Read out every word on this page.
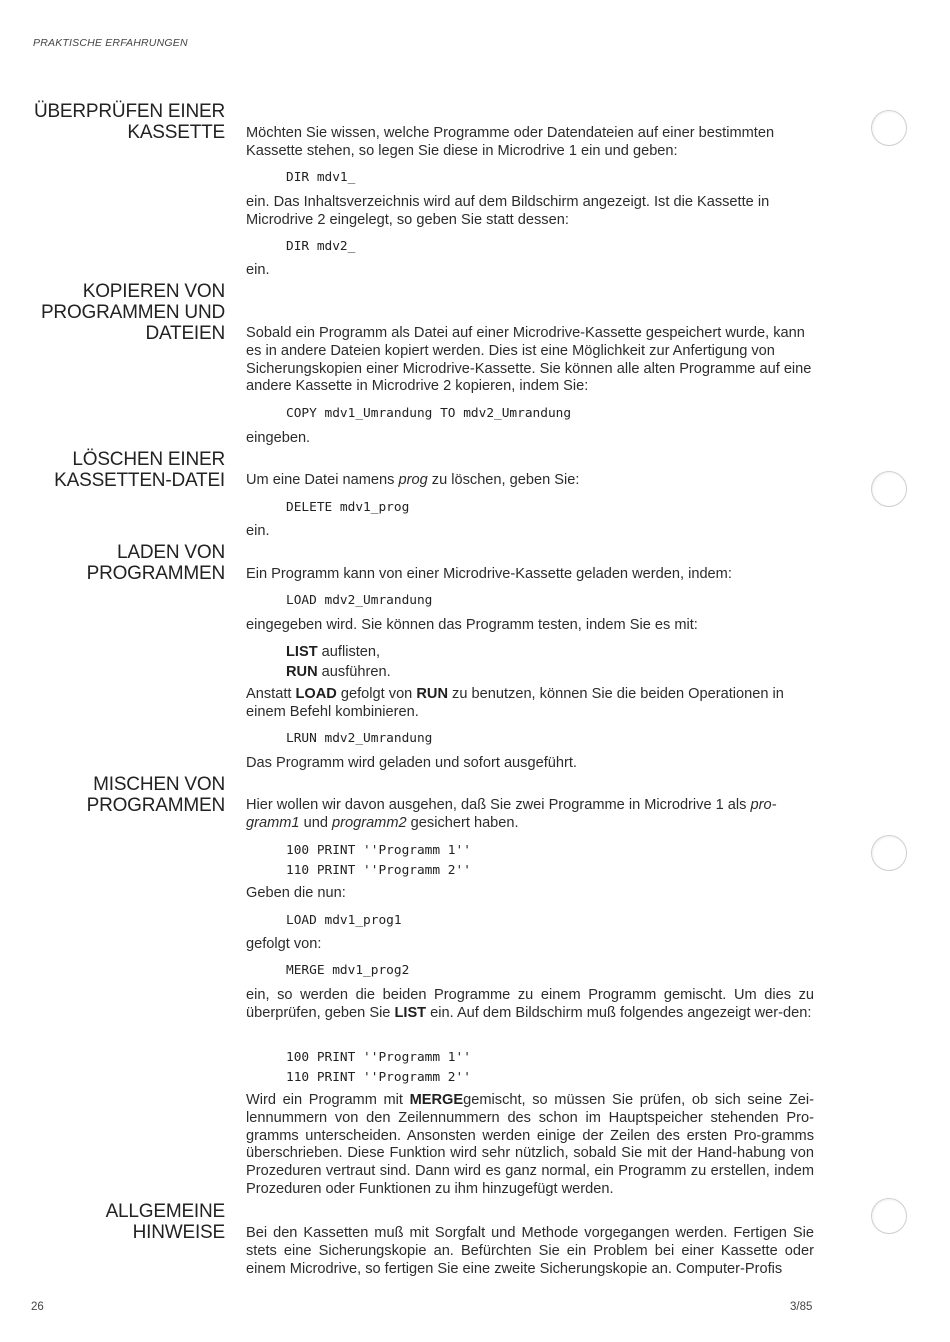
PRAKTISCHE ERFAHRUNGEN
ÜBERPRÜFEN EINER
KASSETTE Möchten Sie wissen, welche Programme oder Datendateien auf einer bestimmten Kassette stehen, so legen Sie diese in Microdrive 1 ein und geben:
DIR mdv1_
ein. Das Inhaltsverzeichnis wird auf dem Bildschirm angezeigt. Ist die Kassette in Microdrive 2 eingelegt, so geben Sie statt dessen:
DIR mdv2_
ein.
KOPIEREN VON
PROGRAMMEN UND
DATEIEN Sobald ein Programm als Datei auf einer Microdrive-Kassette gespeichert wurde, kann es in andere Dateien kopiert werden. Dies ist eine Möglichkeit zur Anfertigung von Sicherungskopien einer Microdrive-Kassette. Sie können alle alten Programme auf eine andere Kassette in Microdrive 2 kopieren, indem Sie:
COPY mdv1_Umrandung TO mdv2_Umrandung
eingeben.
LÖSCHEN EINER
KASSETTEN-DATEI Um eine Datei namens prog zu löschen, geben Sie:
DELETE mdv1_prog
ein.
LADEN VON
PROGRAMMEN Ein Programm kann von einer Microdrive-Kassette geladen werden, indem:
LOAD mdv2_Umrandung
eingegeben wird. Sie können das Programm testen, indem Sie es mit:
LIST auflisten,
RUN ausführen.
Anstatt LOAD gefolgt von RUN zu benutzen, können Sie die beiden Operationen in einem Befehl kombinieren.
LRUN mdv2_Umrandung
Das Programm wird geladen und sofort ausgeführt.
MISCHEN VON
PROGRAMMEN Hier wollen wir davon ausgehen, daß Sie zwei Programme in Microdrive 1 als pro-gramm1 und programm2 gesichert haben.
100 PRINT ''Programm 1''
110 PRINT ''Programm 2''
Geben die nun:
LOAD mdv1_prog1
gefolgt von:
MERGE mdv1_prog2
ein, so werden die beiden Programme zu einem Programm gemischt. Um dies zu überprüfen, geben Sie LIST ein. Auf dem Bildschirm muß folgendes angezeigt wer-den:
100 PRINT ''Programm 1''
110 PRINT ''Programm 2''
Wird ein Programm mit MERGEgemischt, so müssen Sie prüfen, ob sich seine Zei-lennummern von den Zeilennummern des schon im Hauptspeicher stehenden Pro-gramms unterscheiden. Ansonsten werden einige der Zeilen des ersten Pro-gramms überschrieben. Diese Funktion wird sehr nützlich, sobald Sie mit der Hand-habung von Prozeduren vertraut sind. Dann wird es ganz normal, ein Programm zu erstellen, indem Prozeduren oder Funktionen zu ihm hinzugefügt werden.
ALLGEMEINE
HINWEISE Bei den Kassetten muß mit Sorgfalt und Methode vorgegangen werden. Fertigen Sie stets eine Sicherungskopie an. Befürchten Sie ein Problem bei einer Kassette oder einem Microdrive, so fertigen Sie eine zweite Sicherungskopie an. Computer-Profis
26	3/85
